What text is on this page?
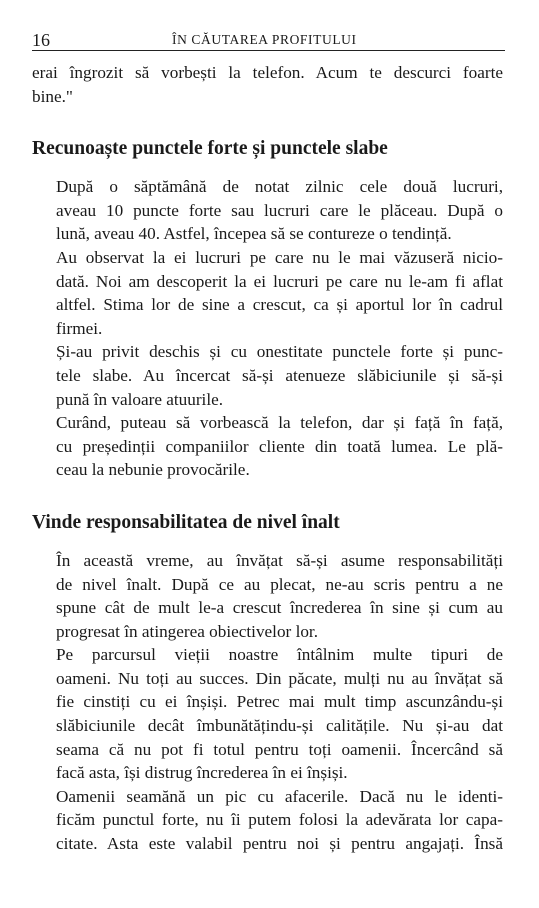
16	ÎN CĂUTAREA PROFITULUI

erai îngrozit să vorbești la telefon. Acum te descurci foarte
bine."

Recunoaște punctele forte și punctele slabe

După o săptămână de notat zilnic cele două lucruri,
aveau 10 puncte forte sau lucruri care le plăceau. După o
lună, aveau 40. Astfel, începea să se contureze o tendință.

Au observat la ei lucruri pe care nu le mai văzuseră nicio-
dată. Noi am descoperit la ei lucruri pe care nu le-am fi aflat
altfel. Stima lor de sine a crescut, ca și aportul lor în cadrul
firmei.

Și-au privit deschis și cu onestitate punctele forte și punc-
tele slabe. Au încercat să-și atenueze slăbiciunile și să-și
pună în valoare atuurile.

Curând, puteau să vorbească la telefon, dar și față în față,
cu președinții companiilor cliente din toată lumea. Le plă-
ceau la nebunie provocările.

Vinde responsabilitatea de nivel înalt

În această vreme, au învățat să-și asume responsabilități
de nivel înalt. După ce au plecat, ne-au scris pentru a ne
spune cât de mult le-a crescut încrederea în sine și cum au
progresat în atingerea obiectivelor lor.

Pe parcursul vieții noastre întâlnim multe tipuri de
oameni. Nu toți au succes. Din păcate, mulți nu au învățat să
fie cinstiți cu ei înșiși. Petrec mai mult timp ascunzându-și
slăbiciunile decât îmbunătățindu-și calitățile. Nu și-au dat
seama că nu pot fi totul pentru toți oamenii. Încercând să
facă asta, își distrug încrederea în ei înșiși.

Oamenii seamănă un pic cu afacerile. Dacă nu le identi-
ficăm punctul forte, nu îi putem folosi la adevărata lor capa-
citate. Asta este valabil pentru noi și pentru angajați. Însă
